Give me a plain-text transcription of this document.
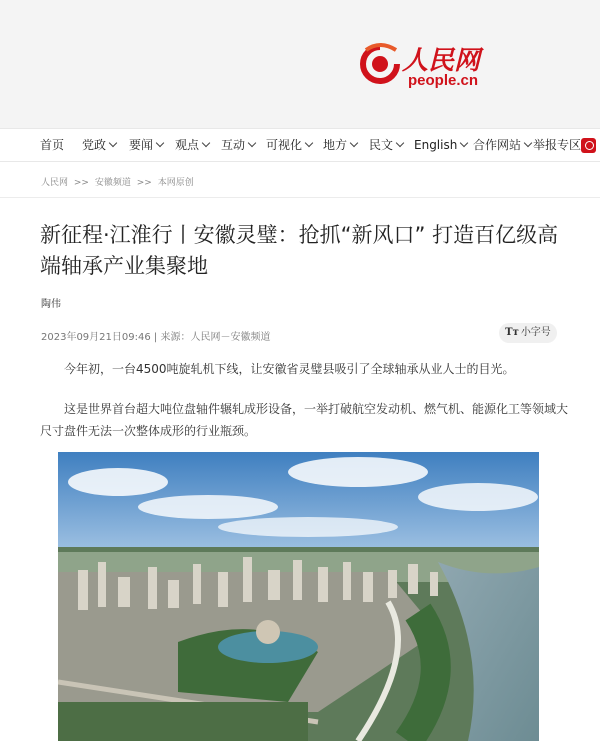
人民网
people.cn
首页 党政	要闻	观点	互动	可视化	地方	民文	English	合作网站 举报专区
人民网 >> 安徽频道 >> 本网原创
新征程·江淮行丨安徽灵璧：抢抓“新风口” 打造百亿级高端轴承产业集聚地
陶伟
2023年09月21日09:46 | 来源：人民网－安徽频道	Tт 小字号

今年初，一台4500吨旋轧机下线，让安徽省灵璧县吸引了全球轴承从业人士的目光。

这是世界首台超大吨位盘轴件辗轧成形设备，一举打破航空发动机、燃气机、能源化工等领域大尺寸盘件无法一次整体成形的行业瓶颈。
